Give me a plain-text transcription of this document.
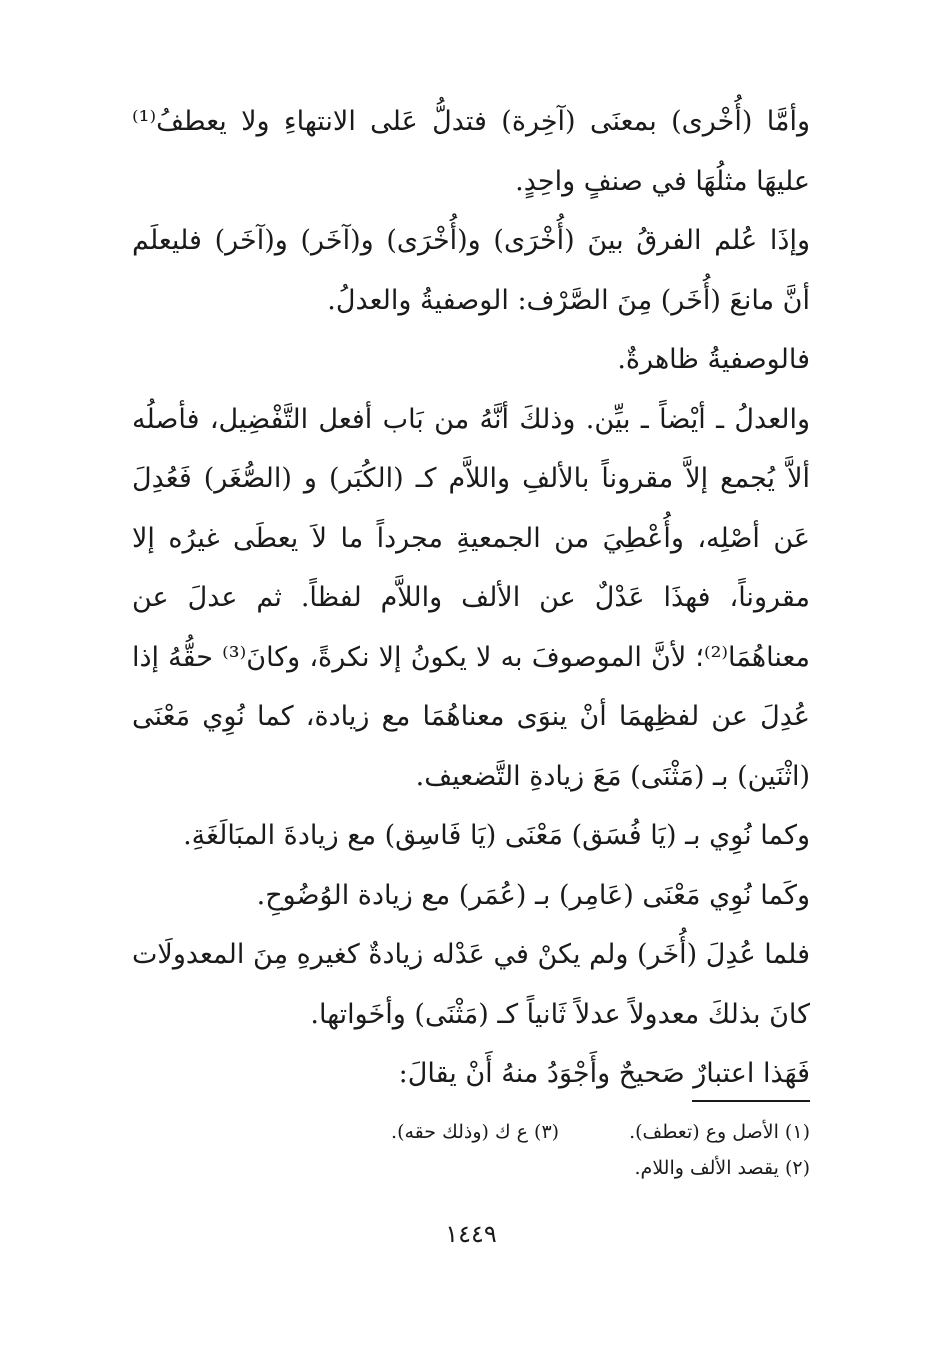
وأمَّا (أُخْرى) بمعنَى (آخِرة) فتدلُّ عَلى الانتهاءِ ولا يعطفُ⁽¹⁾ عليهَا مثلُهَا في صنفٍ واحِدٍ.

وإذَا عُلم الفرقُ بينَ (أُخْرَى) و(أُخْرَى) و(آخَر) و(آخَر) فليعلَم أنَّ مانعَ (أُخَر) مِنَ الصَّرْف: الوصفيةُ والعدلُ.

فالوصفيةُ ظاهرةٌ.

والعدلُ ـ أيْضاً ـ بيِّن. وذلكَ أنَّهُ من بَاب أفعل التَّفْضِيل، فأصلُه ألاَّ يُجمع إلاَّ مقروناً بالألفِ واللاَّم كـ (الكُبَر) و (الصُّغَر) فَعُدِلَ عَن أصْلِه، وأُعْطِيَ من الجمعيةِ مجرداً ما لاَ يعطَى غيرُه إلا مقروناً، فهذَا عَدْلٌ عن الألف واللاَّم لفظاً. ثم عدلَ عن معناهُمَا⁽²⁾؛ لأنَّ الموصوفَ به لا يكونُ إلا نكرةً، وكانَ⁽³⁾ حقُّهُ إذا عُدِلَ عن لفظِهمَا أنْ ينوَى معناهُمَا مع زيادة، كما نُوِي مَعْنَى (اثْنَين) بـ (مَثْنَى) مَعَ زيادةِ التَّضعيف.

وكما نُوِي بـ (يَا فُسَق) مَعْنَى (يَا فَاسِق) مع زيادةَ المبَالَغَةِ.

وكَما نُوِي مَعْنَى (عَامِر) بـ (عُمَر) مع زيادة الوُضُوحِ.

فلما عُدِلَ (أُخَر) ولم يكنْ في عَدْله زيادةٌ كغيرهِ مِنَ المعدولَات كانَ بذلكَ معدولاً عدلاً ثَانياً كـ (مَثْنَى) وأخَواتها.

فَهَذا اعتبارٌ صَحيحٌ وأَجْوَدُ منهُ أَنْ يقالَ:

(١) الأصل وع (تعطف).
(٣) ع ك (وذلك حقه).
(٢) يقصد الألف واللام.
١٤٤٩
